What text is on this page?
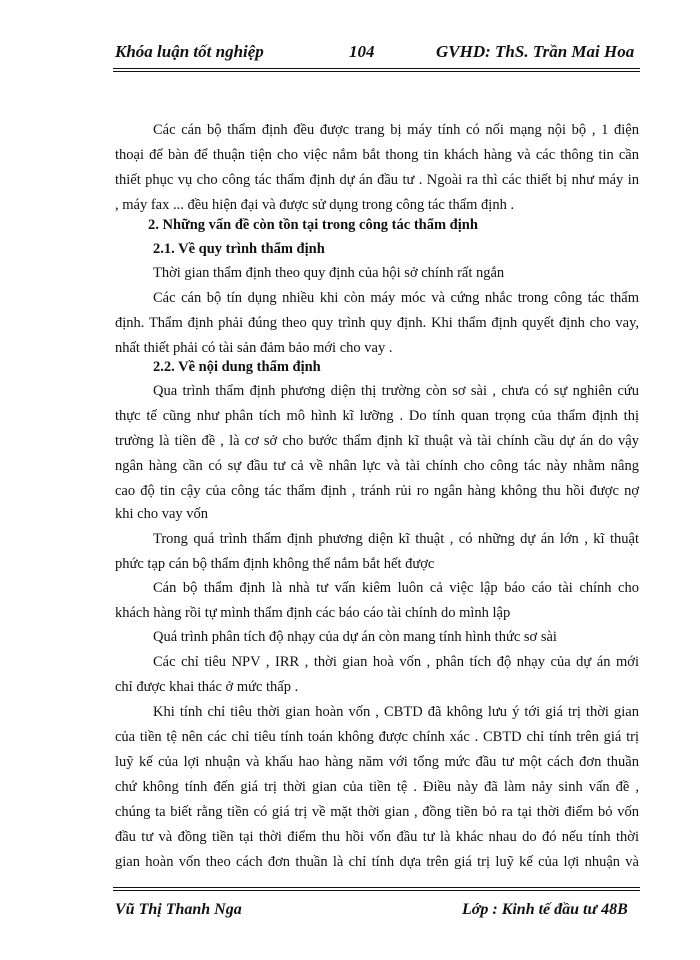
Khóa luận tốt nghiệp	104	GVHD: ThS. Trần Mai Hoa
Các cán bộ thẩm định đều được trang bị máy tính có nối mạng nội bộ , 1 điện
thoại để bàn để thuận tiện cho việc nắm bắt thong tin khách hàng và các thông tin cần
thiết phục vụ cho công tác thẩm định dự án đầu tư . Ngoài ra thì các thiết bị như máy in
, máy fax ... đều hiện đại và được sử dụng trong công tác thẩm định .
2. Những vấn đề còn tồn tại trong công tác thẩm định
2.1. Về quy trình thẩm định
Thời gian thẩm định theo quy định của hội sở chính rất ngắn
Các cán bộ tín dụng nhiều khi còn máy móc và cứng nhắc trong công tác thẩm
định. Thẩm định phải đúng theo quy trình quy định. Khi thẩm định quyết định cho vay,
nhất thiết phải có tài sản đảm bảo mới cho vay .
2.2. Về nội dung thẩm định
Qua trình thẩm định phương diện thị trường còn sơ sài , chưa có sự nghiên cứu
thực tế cũng như phân tích mô hình kĩ lưỡng . Do tính quan trọng của thẩm định thị
trường là tiền đề , là cơ sở cho bước thẩm định kĩ thuật và tài chính cầu dự án do vậy
ngân hàng cần có sự đầu tư cả về nhân lực và tài chính cho công tác này nhằm nâng
cao độ tin cậy của công tác thẩm định , tránh rủi ro ngân hàng không thu hồi được nợ
khi cho vay vốn
Trong quá trình thẩm định phương diện kĩ thuật , có những dự án lớn , kĩ thuật
phức tạp cán bộ thẩm định không thể nắm bắt hết được
Cán bộ thẩm định là nhà tư vấn kiêm luôn cả việc lập báo cáo tài chính cho
khách hàng rồi tự mình thẩm định các báo cáo tài chính do mình lập
Quá trình phân tích độ nhạy của dự án còn mang tính hình thức sơ sài
Các chỉ tiêu NPV , IRR , thời gian hoà vốn , phân tích độ nhạy của dự án mới
chỉ được khai thác ở mức thấp .
Khi tính chỉ tiêu thời gian hoàn vốn , CBTD đã không lưu ý tới giá trị thời gian
của tiền tệ nên các chỉ tiêu tính toán không được chính xác . CBTD chỉ tính trên giá trị
luỹ kế của lợi nhuận và khấu hao hàng năm với tổng mức đầu tư một cách đơn thuần
chứ không tính đến giá trị thời gian của tiền tệ . Điều này đã làm nảy sinh vấn đề ,
chúng ta biết rằng tiền có giá trị về mặt thời gian , đồng tiền bỏ ra tại thời điểm bỏ vốn
đầu tư và đồng tiền tại thời điểm thu hồi vốn đầu tư là khác nhau do đó nếu tính thời
gian hoàn vốn theo cách đơn thuần là chỉ tính dựa trên giá trị luỹ kế của lợi nhuận và
Vũ Thị Thanh Nga	Lớp : Kinh tế đầu tư 48B
